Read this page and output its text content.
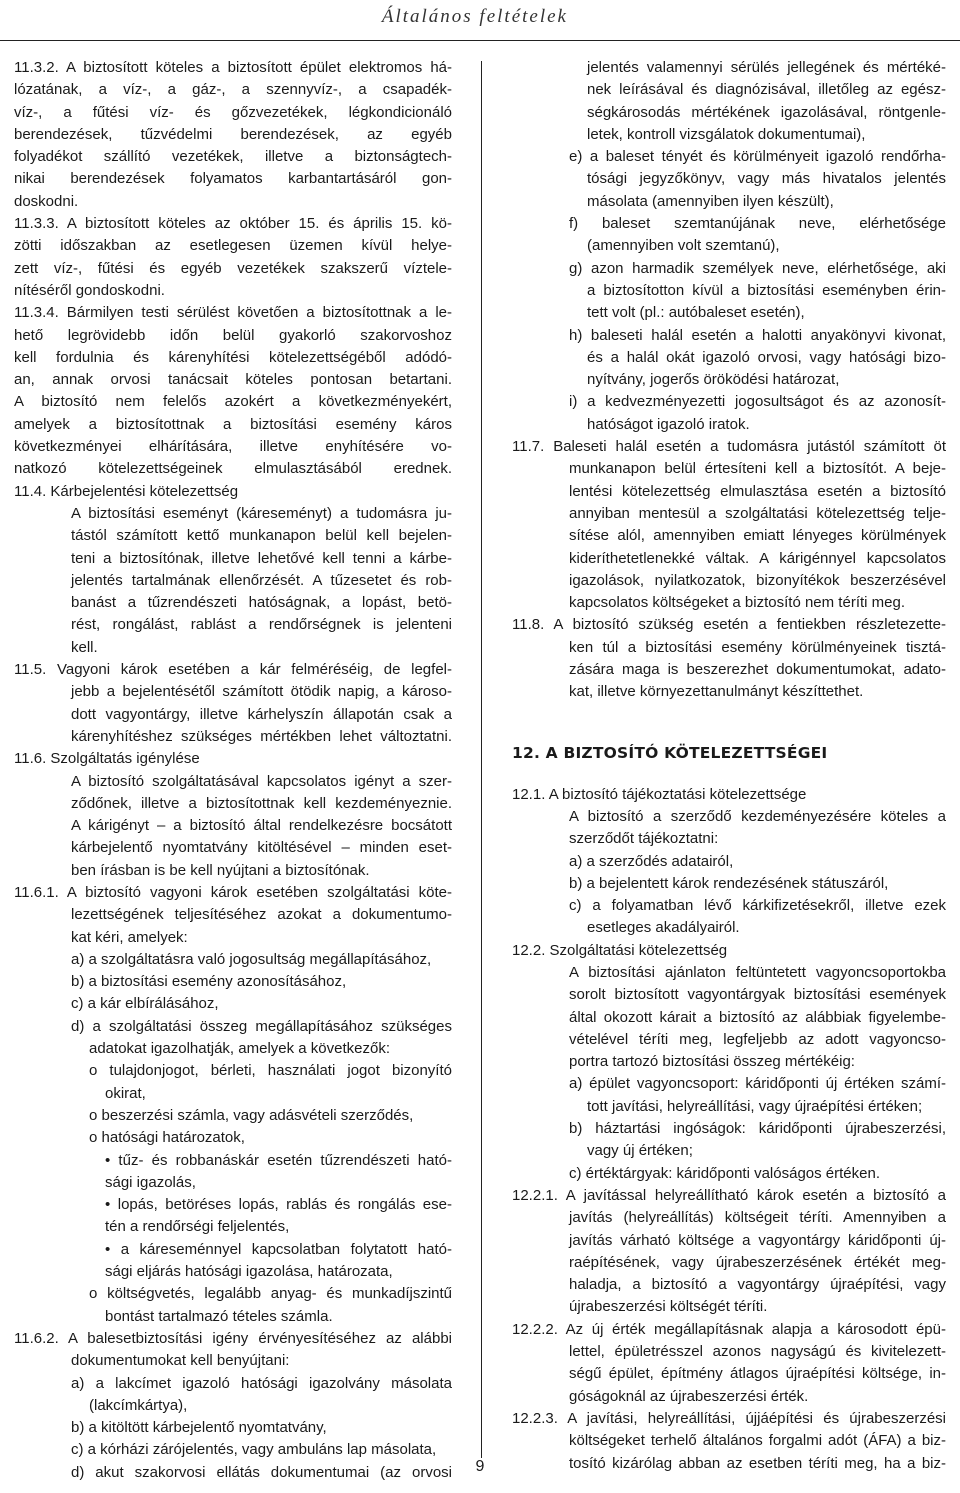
Általános feltételek
11.3.2. A biztosított köteles a biztosított épület elektromos há-
lózatának, a víz-, a gáz-, a szennyvíz-, a csapadék-
víz-, a fűtési víz- és gőzvezetékek, légkondicionáló
berendezések, tűzvédelmi berendezések, az egyéb
folyadékot szállító vezetékek, illetve a biztonságtech-
nikai berendezések folyamatos karbantartásáról gon-
doskodni.
11.3.3. A biztosított köteles az október 15. és április 15. kö-
zötti időszakban az esetlegesen üzemen kívül helye-
zett víz-, fűtési és egyéb vezetékek szakszerű víztele-
nítéséről gondoskodni.
11.3.4. Bármilyen testi sérülést követően a biztosítottnak a le-
hető legrövidebb időn belül gyakorló szakorvoshoz
kell fordulnia és kárenyhítési kötelezettségéből adódó-
an, annak orvosi tanácsait köteles pontosan betartani.
A biztosító nem felelős azokért a következményekért,
amelyek a biztosítottnak a biztosítási esemény káros
következményei elhárítására, illetve enyhítésére vo-
natkozó kötelezettségeinek elmulasztásából erednek.
11.4. Kárbejelentési kötelezettség
A biztosítási eseményt (káreseményt) a tudomásra ju-
tástól számított kettő munkanapon belül kell bejelen-
teni a biztosítónak, illetve lehetővé kell tenni a kárbe-
jelentés tartalmának ellenőrzését. A tűzesetet és rob-
banást a tűzrendészeti hatóságnak, a lopást, betö-
rést, rongálást, rablást a rendőrségnek is jelenteni
kell.
11.5. Vagyoni károk esetében a kár felméréséig, de legfel-
jebb a bejelentésétől számított ötödik napig, a károso-
dott vagyontárgy, illetve kárhelyszín állapotán csak a
kárenyhítéshez szükséges mértékben lehet változtatni.
11.6. Szolgáltatás igénylése
A biztosító szolgáltatásával kapcsolatos igényt a szer-
ződőnek, illetve a biztosítottnak kell kezdeményeznie.
A kárigényt – a biztosító által rendelkezésre bocsátott
kárbejelentő nyomtatvány kitöltésével – minden eset-
ben írásban is be kell nyújtani a biztosítónak.
11.6.1. A biztosító vagyoni károk esetében szolgáltatási köte-
lezettségének teljesítéséhez azokat a dokumentumo-
kat kéri, amelyek:
a) a szolgáltatásra való jogosultság megállapításához,
b) a biztosítási esemény azonosításához,
c) a kár elbírálásához,
d) a szolgáltatási összeg megállapításához szükséges
adatokat igazolhatják, amelyek a következők:
o tulajdonjogot, bérleti, használati jogot bizonyító
okirat,
o beszerzési számla, vagy adásvételi szerződés,
o hatósági határozatok,
• tűz- és robbanáskár esetén tűzrendészeti ható-
sági igazolás,
• lopás, betöréses lopás, rablás és rongálás ese-
tén a rendőrségi feljelentés,
• a káreseménnyel kapcsolatban folytatott ható-
sági eljárás hatósági igazolása, határozata,
o költségvetés, legalább anyag- és munkadíjszintű
bontást tartalmazó tételes számla.
11.6.2. A balesetbiztosítási igény érvényesítéséhez az alábbi
dokumentumokat kell benyújtani:
a) a lakcímet igazoló hatósági igazolvány másolata
(lakcímkártya),
b) a kitöltött kárbejelentő nyomtatvány,
c) a kórházi zárójelentés, vagy ambuláns lap másolata,
d) akut szakorvosi ellátás dokumentumai (az orvosi
jelentés valamennyi sérülés jellegének és mértéké-
nek leírásával és diagnózisával, illetőleg az egész-
ségkárosodás mértékének igazolásával, röntgenle-
letek, kontroll vizsgálatok dokumentumai),
e) a baleset tényét és körülményeit igazoló rendőrha-
tósági jegyzőkönyv, vagy más hivatalos jelentés
másolata (amennyiben ilyen készült),
f) baleset szemtanújának neve, elérhetősége
(amennyiben volt szemtanú),
g) azon harmadik személyek neve, elérhetősége, aki
a biztosítotton kívül a biztosítási eseményben érin-
tett volt (pl.: autóbaleset esetén),
h) baleseti halál esetén a halotti anyakönyvi kivonat,
és a halál okát igazoló orvosi, vagy hatósági bizo-
nyítvány, jogerős öröködési határozat,
i) a kedvezményezetti jogosultságot és az azonosít-
hatóságot igazoló iratok.
11.7. Baleseti halál esetén a tudomásra jutástól számított öt
munkanapon belül értesíteni kell a biztosítót. A beje-
lentési kötelezettség elmulasztása esetén a biztosító
annyiban mentesül a szolgáltatási kötelezettség telje-
sítése alól, amennyiben emiatt lényeges körülmények
kideríthetetlenekké váltak. A kárigénnyel kapcsolatos
igazolások, nyilatkozatok, bizonyítékok beszerzésével
kapcsolatos költségeket a biztosító nem téríti meg.
11.8. A biztosító szükség esetén a fentiekben részletezette-
ken túl a biztosítási esemény körülményeinek tisztá-
zására maga is beszerezhet dokumentumokat, adato-
kat, illetve környezettanulmányt készíttethet.
12. A BIZTOSÍTÓ KÖTELEZETTSÉGEI
12.1. A biztosító tájékoztatási kötelezettsége
A biztosító a szerződő kezdeményezésére köteles a
szerződőt tájékoztatni:
a) a szerződés adatairól,
b) a bejelentett károk rendezésének státuszáról,
c) a folyamatban lévő kárkifizetésekről, illetve ezek
esetleges akadályairól.
12.2. Szolgáltatási kötelezettség
A biztosítási ajánlaton feltüntetett vagyoncsoportokba
sorolt biztosított vagyontárgyak biztosítási események
által okozott kárait a biztosító az alábbiak figyelembe-
vételével téríti meg, legfeljebb az adott vagyoncso-
portra tartozó biztosítási összeg mértékéig:
a) épület vagyoncsoport: káridőponti új értéken számí-
tott javítási, helyreállítási, vagy újraépítési értéken;
b) háztartási ingóságok: káridőponti újrabeszerzési,
vagy új értéken;
c) értéktárgyak: káridőponti valóságos értéken.
12.2.1. A javítással helyreállítható károk esetén a biztosító a
javítás (helyreállítás) költségeit téríti. Amennyiben a
javítás várható költsége a vagyontárgy káridőponti új-
raépítésének, vagy újrabeszerzésének értékét meg-
haladja, a biztosító a vagyontárgy újraépítési, vagy
újrabeszerzési költségét téríti.
12.2.2. Az új érték megállapításnak alapja a károsodott épü-
lettel, épületrésszel azonos nagyságú és kivitelezett-
ségű épület, építmény átlagos újraépítési költsége, in-
góságoknál az újrabeszerzési érték.
12.2.3. A javítási, helyreállítási, újjáépítési és újrabeszerzési
költségeket terhelő általános forgalmi adót (ÁFA) a biz-
tosító kizárólag abban az esetben téríti meg, ha a biz-
9
